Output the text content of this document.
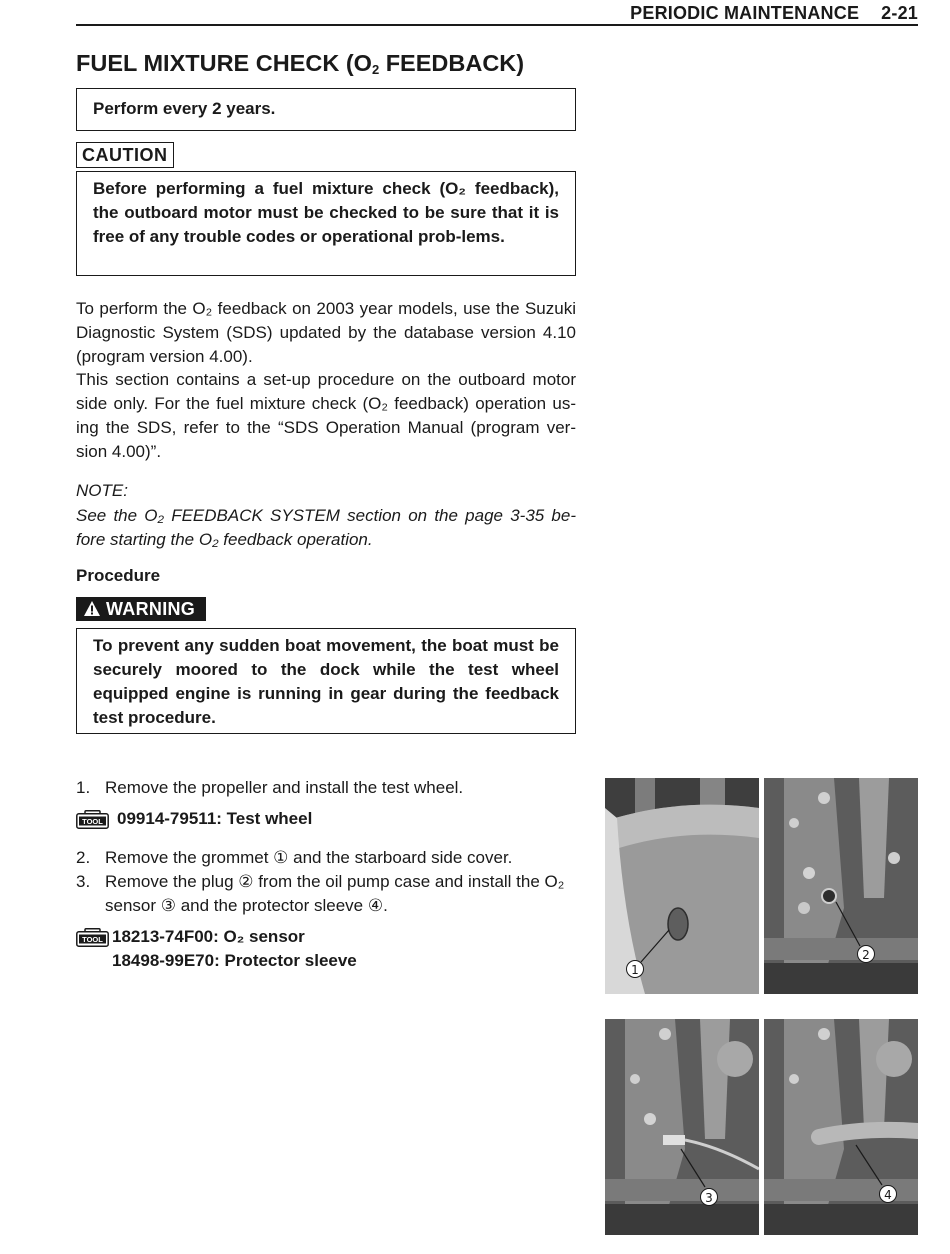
PERIODIC MAINTENANCE 2-21
FUEL MIXTURE CHECK ($O_2$ FEEDBACK)
Perform every 2 years.
CAUTION
Before performing a fuel mixture check (O₂ feedback), the outboard motor must be checked to be sure that it is free of any trouble codes or operational prob-lems.
To perform the O₂ feedback on 2003 year models, use the Suzuki Diagnostic System (SDS) updated by the database version 4.10 (program version 4.00).
This section contains a set-up procedure on the outboard motor side only. For the fuel mixture check (O₂ feedback) operation us-ing the SDS, refer to the “SDS Operation Manual (program ver-sion 4.00)”.
NOTE:
See the O₂ FEEDBACK SYSTEM section on the page 3-35 be-fore starting the O₂ feedback operation.
Procedure
WARNING
To prevent any sudden boat movement, the boat must be securely moored to the dock while the test wheel equipped engine is running in gear during the feedback test procedure.
1. Remove the propeller and install the test wheel.
TOOL 09914-79511: Test wheel
2. Remove the grommet ① and the starboard side cover.
3. Remove the plug ② from the oil pump case and install the O₂ sensor ③ and the protector sleeve ④.
TOOL 18213-74F00: O₂ sensor
18498-99E70: Protector sleeve	1
2
3	4
